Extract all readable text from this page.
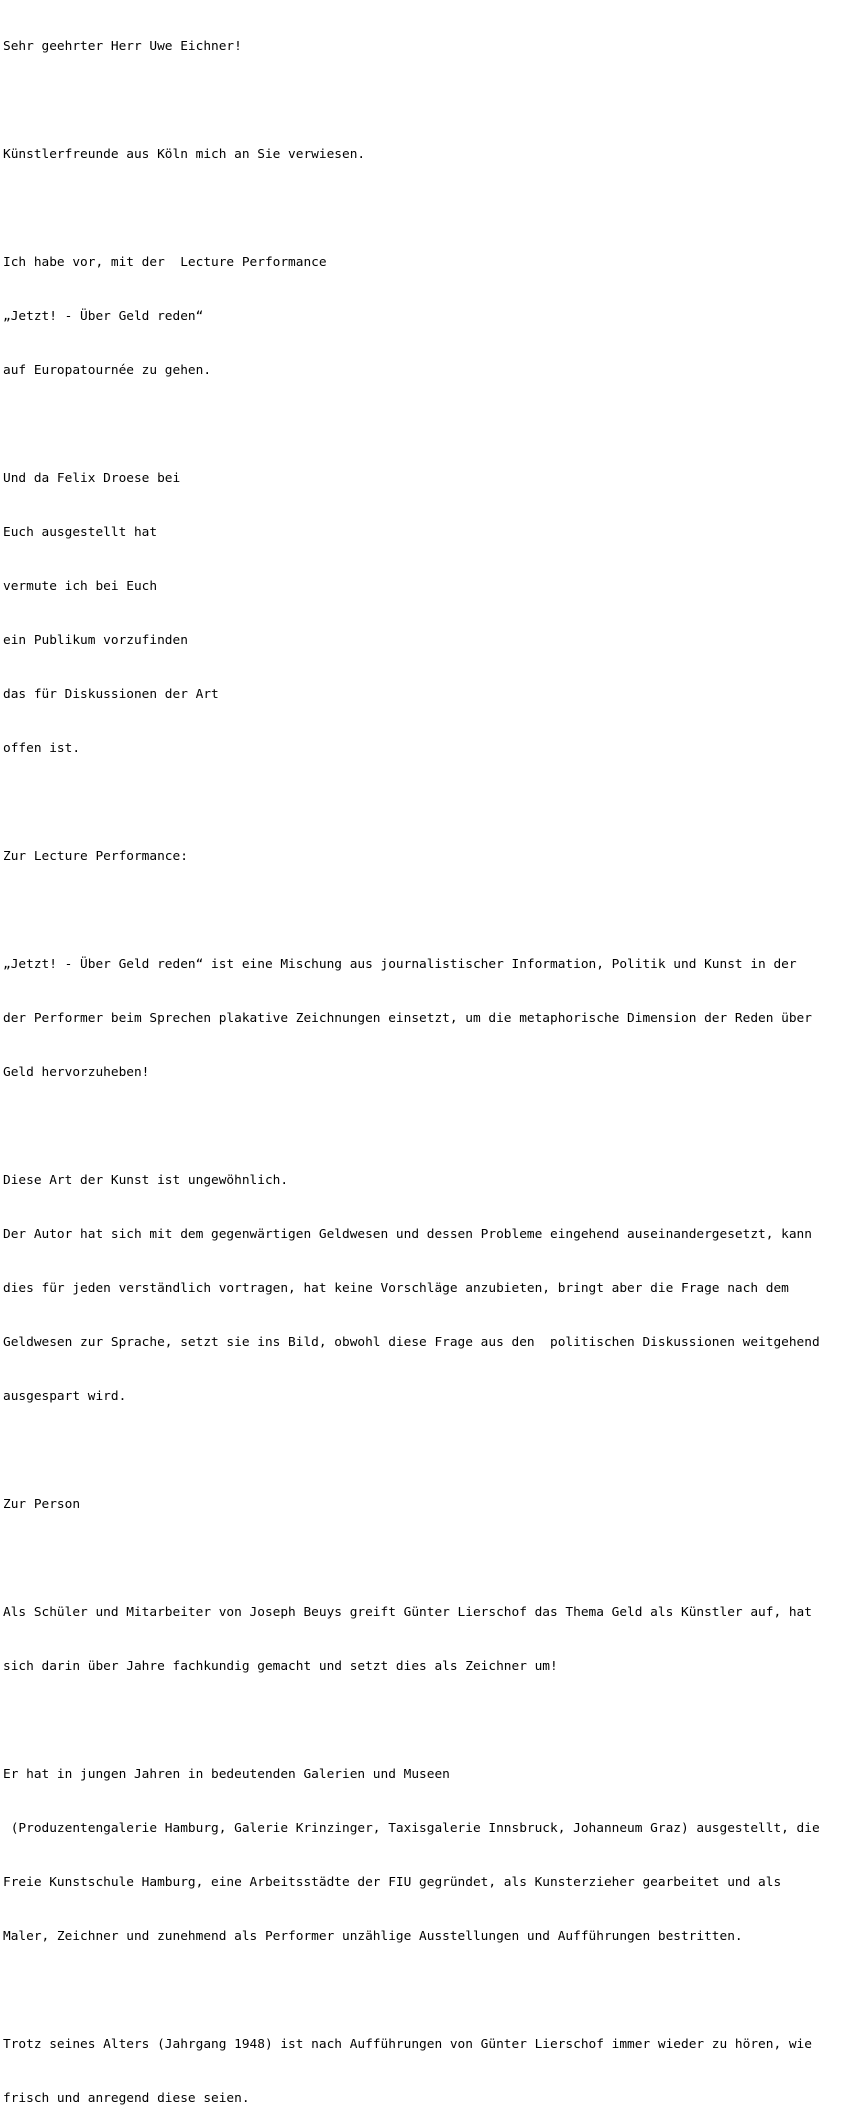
Sehr geehrter Herr Uwe Eichner!

Künstlerfreunde aus Köln mich an Sie verwiesen.

Ich habe vor, mit der  Lecture Performance

„Jetzt! - Über Geld reden“

auf Europatournée zu gehen.

Und da Felix Droese bei

Euch ausgestellt hat

vermute ich bei Euch

ein Publikum vorzufinden

das für Diskussionen der Art

offen ist.

Zur Lecture Performance:

„Jetzt! - Über Geld reden“ ist eine Mischung aus journalistischer Information, Politik und Kunst in der

der Performer beim Sprechen plakative Zeichnungen einsetzt, um die metaphorische Dimension der Reden über

Geld hervorzuheben!

Diese Art der Kunst ist ungewöhnlich.

Der Autor hat sich mit dem gegenwärtigen Geldwesen und dessen Probleme eingehend auseinandergesetzt, kann

dies für jeden verständlich vortragen, hat keine Vorschläge anzubieten, bringt aber die Frage nach dem

Geldwesen zur Sprache, setzt sie ins Bild, obwohl diese Frage aus den  politischen Diskussionen weitgehend

ausgespart wird.

Zur Person

Als Schüler und Mitarbeiter von Joseph Beuys greift Günter Lierschof das Thema Geld als Künstler auf, hat

sich darin über Jahre fachkundig gemacht und setzt dies als Zeichner um!

Er hat in jungen Jahren in bedeutenden Galerien und Museen

(Produzentengalerie Hamburg, Galerie Krinzinger, Taxisgalerie Innsbruck, Johanneum Graz) ausgestellt, die

Freie Kunstschule Hamburg, eine Arbeitsstädte der FIU gegründet, als Kunsterzieher gearbeitet und als

Maler, Zeichner und zunehmend als Performer unzählige Ausstellungen und Aufführungen bestritten.

Trotz seines Alters (Jahrgang 1948) ist nach Aufführungen von Günter Lierschof immer wieder zu hören, wie

frisch und anregend diese seien.
